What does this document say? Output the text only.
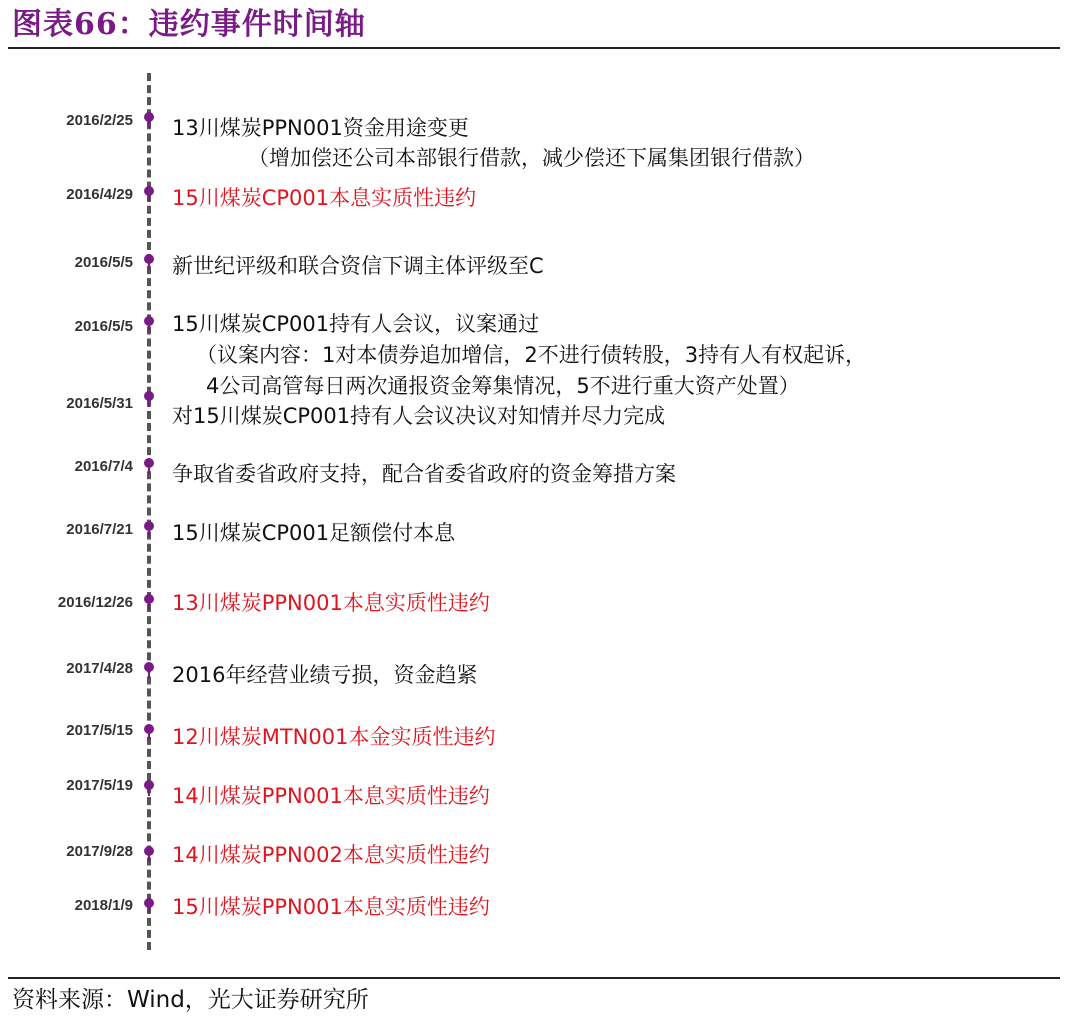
图表66：违约事件时间轴
2016/2/25 13川煤炭PPN001资金用途变更
（增加偿还公司本部银行借款，减少偿还下属集团银行借款）
2016/4/29 15川煤炭CP001本息实质性违约
2016/5/5 新世纪评级和联合资信下调主体评级至C
2016/5/5 15川煤炭CP001持有人会议，议案通过
（议案内容：1对本债券追加增信，2不进行债转股，3持有人有权起诉，
4公司高管每日两次通报资金筹集情况，5不进行重大资产处置）
2016/5/31
对15川煤炭CP001持有人会议决议对知情并尽力完成
2016/7/4 争取省委省政府支持，配合省委省政府的资金筹措方案
2016/7/21 15川煤炭CP001足额偿付本息
2016/12/26 13川煤炭PPN001本息实质性违约
2017/4/28 2016年经营业绩亏损，资金趋紧
2017/5/15 12川煤炭MTN001本金实质性违约
2017/5/19 14川煤炭PPN001本息实质性违约
2017/9/28 14川煤炭PPN002本息实质性违约
2018/1/9 15川煤炭PPN001本息实质性违约
资料来源：Wind，光大证券研究所
